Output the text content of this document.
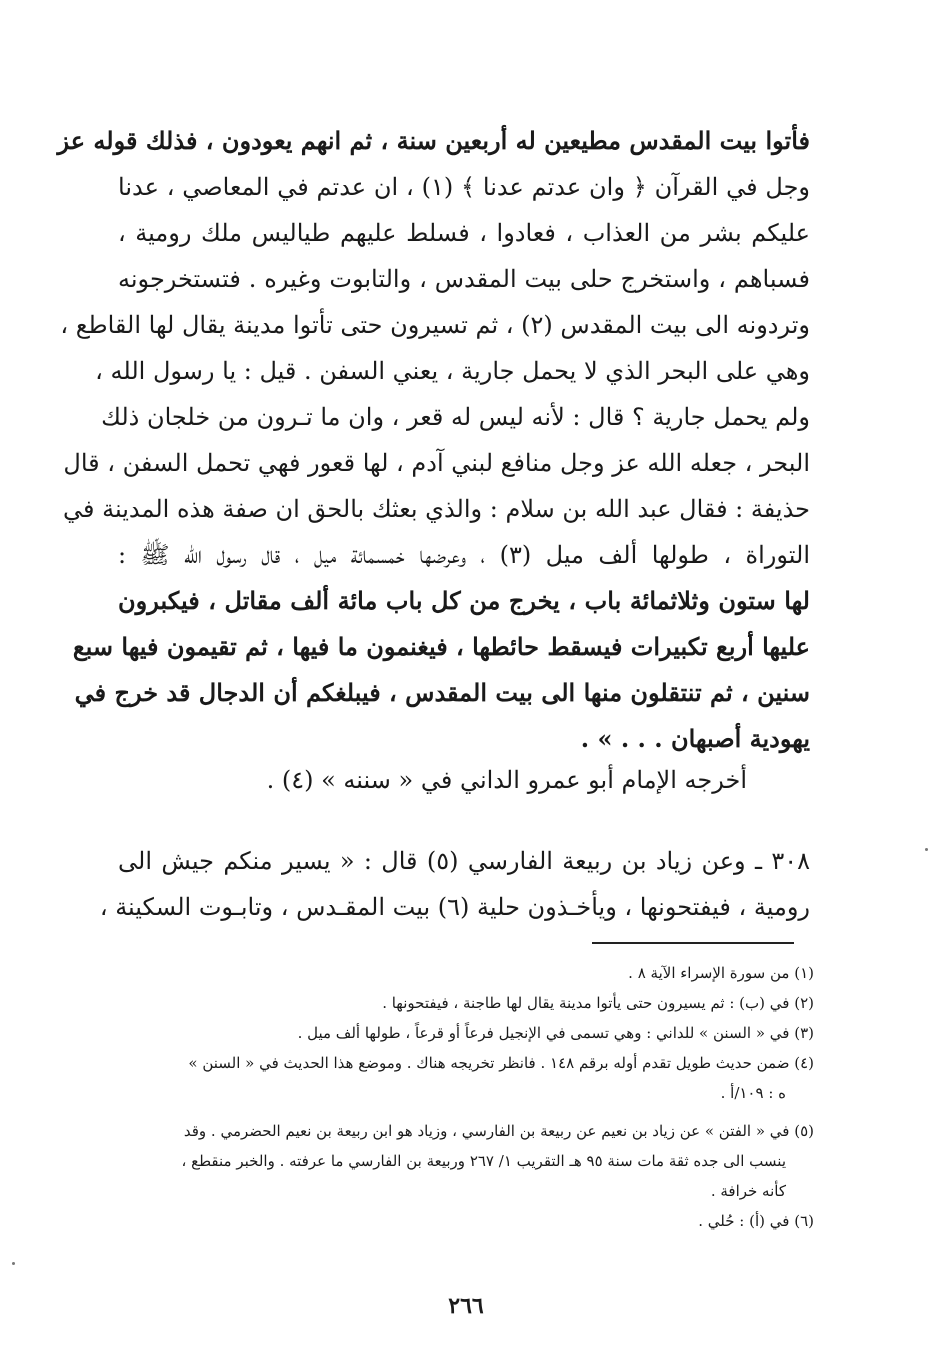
فأتوا بيت المقدس مطيعين له أربعين سنة ، ثم انهم يعودون ، فذلك قوله عز
وجل في القرآن ﴿ وان عدتم عدنا ﴾ (١) ، ان عدتم في المعاصي ، عدنا
عليكم بشر من العذاب ، فعادوا ، فسلط عليهم طياليس ملك رومية ،
فسباهم ، واستخرج حلى بيت المقدس ، والتابوت وغيره . فتستخرجونه
وتردونه الى بيت المقدس (٢) ، ثم تسيرون حتى تأتوا مدينة يقال لها القاطع ،
وهي على البحر الذي لا يحمل جارية ، يعني السفن . قيل : يا رسول الله ،
ولم يحمل جارية ؟ قال : لأنه ليس له قعر ، وان ما تـرون من خلجان ذلك
البحر ، جعله الله عز وجل منافع لبني آدم ، لها قعور فهي تحمل السفن ، قال
حذيفة : فقال عبد الله بن سلام : والذي بعثك بالحق ان صفة هذه المدينة في
التوراة ، طولها ألف ميل (٣) ، وعرضها خمسمائة ميل ، قال رسول الله ﷺ :
لها ستون وثلاثمائة باب ، يخرج من كل باب مائة ألف مقاتل ، فيكبرون
عليها أربع تكبيرات فيسقط حائطها ، فيغنمون ما فيها ، ثم تقيمون فيها سبع
سنين ، ثم تنتقلون منها الى بيت المقدس ، فيبلغكم أن الدجال قد خرج في
يهودية أصبهان . . . » .
أخرجه الإمام أبو عمرو الداني في « سننه » (٤) .
٣٠٨ ـ وعن زياد بن ربيعة الفارسي (٥) قال : « يسير منكم جيش الى
رومية ، فيفتحونها ، ويأخـذون حلية (٦) بيت المقـدس ، وتابـوت السكينة ،
(١) من سورة الإسراء الآية ٨ .
(٢) في (ب) : ثم يسيرون حتى يأتوا مدينة يقال لها طاجنة ، فيفتحونها .
(٣) في « السنن » للداني : وهي تسمى في الإنجيل فرعاً أو قرعاً ، طولها ألف ميل .
(٤) ضمن حديث طويل تقدم أوله برقم ١٤٨ . فانظر تخريجه هناك . وموضع هذا الحديث في « السنن »
ه : ١٠٩/أ .
(٥) في « الفتن » عن زياد بن نعيم عن ربيعة بن الفارسي ، وزياد هو ابن ربيعة بن نعيم الحضرمي . وقد
ينسب الى جده ثقة مات سنة ٩٥ هـ التقريب ١/ ٢٦٧ وربيعة بن الفارسي ما عرفته . والخبر منقطع ،
كأنه خرافة .
(٦) في (أ) : حُلي .
٢٦٦
